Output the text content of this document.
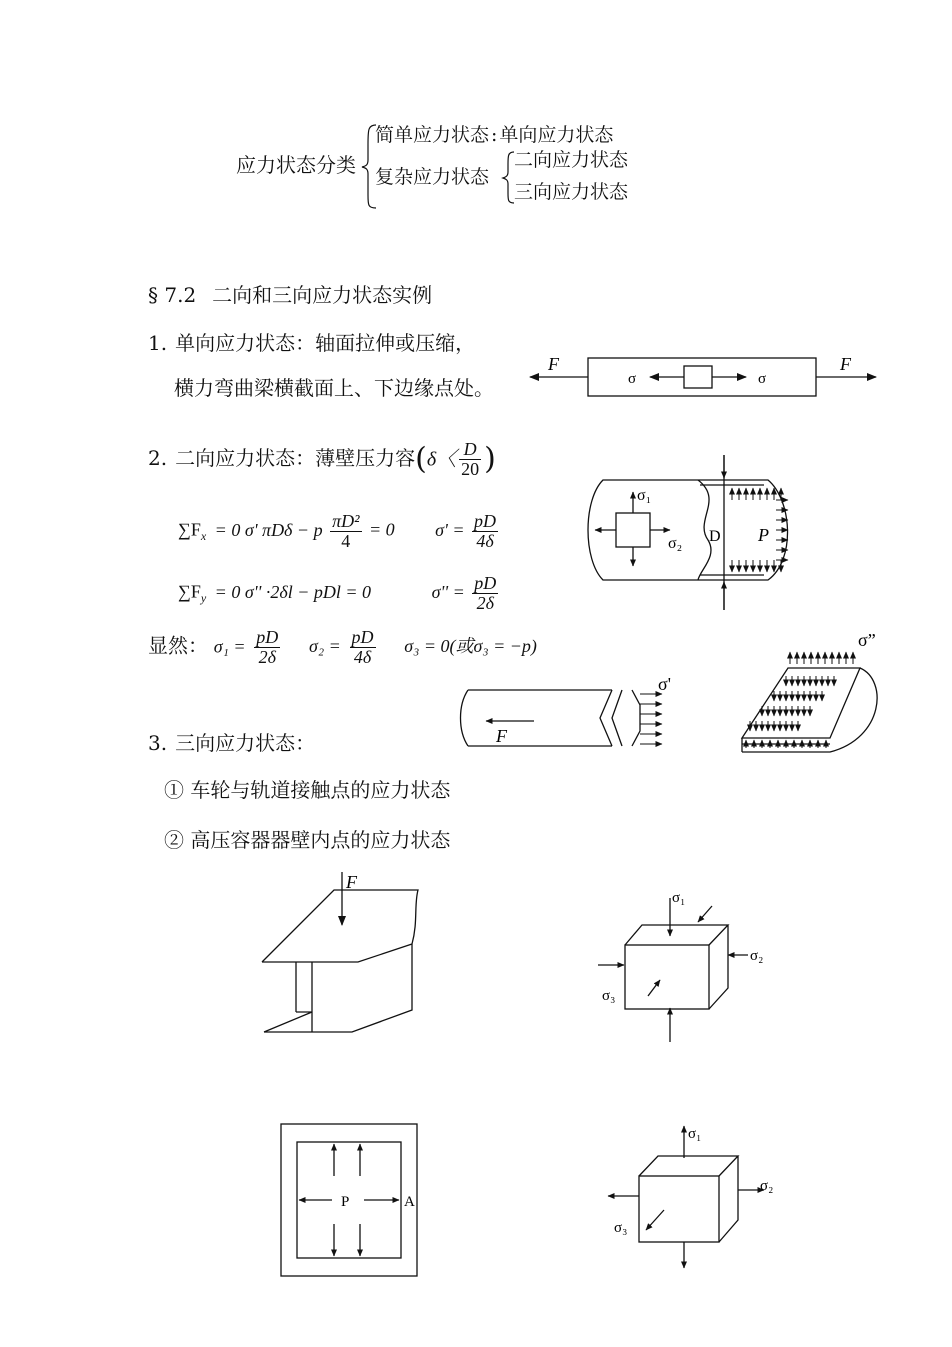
应力状态分类
简单应力状态 : 单向应力状态
复杂应力状态
二向应力状态
三向应力状态
§ 7.2 二向和三向应力状态实例
1. 单向应力状态：轴面拉伸或压缩，
横力弯曲梁横截面上、下边缘点处。
2. 二向应力状态：薄壁压力容(δ〈 $\frac{D}{20}$ )
$\sum F_x = 0$ σ' πDδ − p $\frac{\text{πD²}}{4} = 0$ $\sigma' = \frac{pD}{4\delta}$
$\sum F_y = 0$ σ'' ·2δl − pDl = 0	$\sigma'' = \frac{pD}{2\delta}$
显然： $\sigma_1 = \frac{pD}{2\delta} \sigma_2 = \frac{pD}{4\delta} \sigma_3 = 0$(或σ₃ = −p)
3. 三向应力状态：
① 车轮与轨道接触点的应力状态
② 高压容器器壁内点的应力状态
F	F
σ	σ
σ₁
σ₂ D P
F
σ'
σ”
F
σ₁
σ₂
σ₃
P	A
σ₁
σ₂
σ₃
